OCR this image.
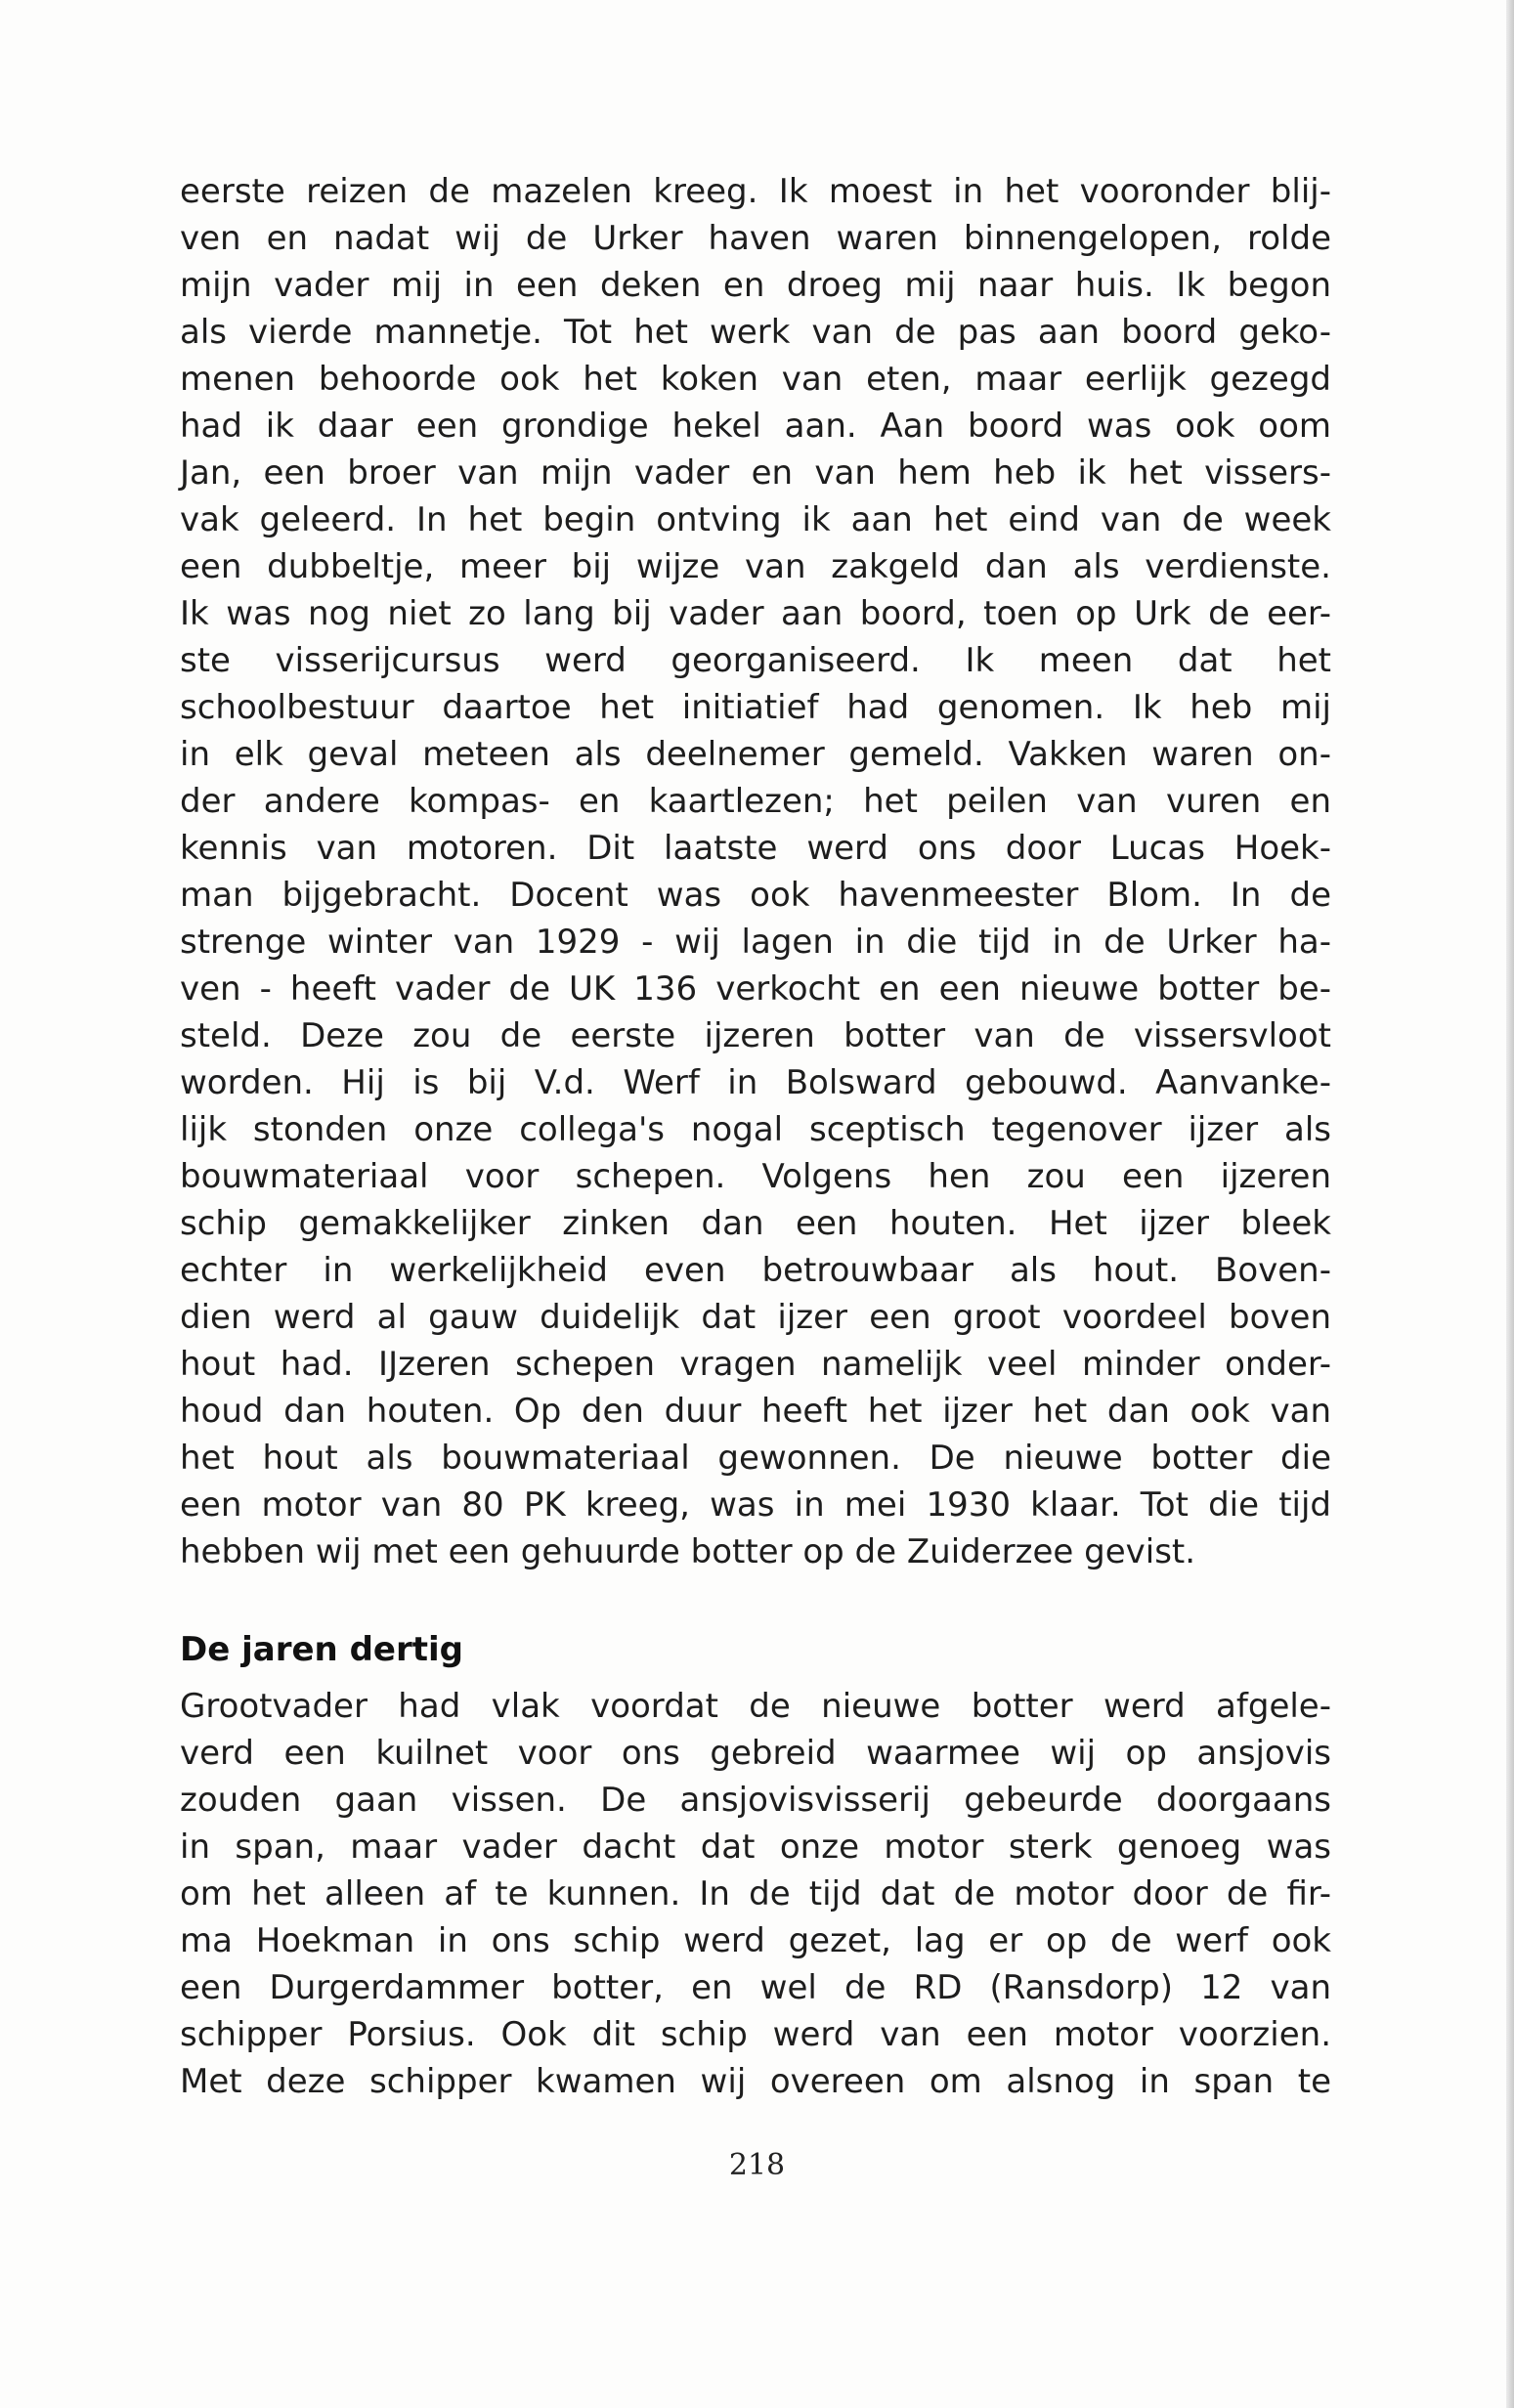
eerste reizen de mazelen kreeg. Ik moest in het vooronder blij-
ven en nadat wij de Urker haven waren binnengelopen, rolde
mijn vader mij in een deken en droeg mij naar huis. Ik begon
als vierde mannetje. Tot het werk van de pas aan boord geko-
menen behoorde ook het koken van eten, maar eerlijk gezegd
had ik daar een grondige hekel aan. Aan boord was ook oom
Jan, een broer van mijn vader en van hem heb ik het vissers-
vak geleerd. In het begin ontving ik aan het eind van de week
een dubbeltje, meer bij wijze van zakgeld dan als verdienste.
Ik was nog niet zo lang bij vader aan boord, toen op Urk de eer-
ste visserijcursus werd georganiseerd. Ik meen dat het
schoolbestuur daartoe het initiatief had genomen. Ik heb mij
in elk geval meteen als deelnemer gemeld. Vakken waren on-
der andere kompas- en kaartlezen; het peilen van vuren en
kennis van motoren. Dit laatste werd ons door Lucas Hoek-
man bijgebracht. Docent was ook havenmeester Blom. In de
strenge winter van 1929 - wij lagen in die tijd in de Urker ha-
ven - heeft vader de UK 136 verkocht en een nieuwe botter be-
steld. Deze zou de eerste ijzeren botter van de vissersvloot
worden. Hij is bij V.d. Werf in Bolsward gebouwd. Aanvanke-
lijk stonden onze collega's nogal sceptisch tegenover ijzer als
bouwmateriaal voor schepen. Volgens hen zou een ijzeren
schip gemakkelijker zinken dan een houten. Het ijzer bleek
echter in werkelijkheid even betrouwbaar als hout. Boven-
dien werd al gauw duidelijk dat ijzer een groot voordeel boven
hout had. IJzeren schepen vragen namelijk veel minder onder-
houd dan houten. Op den duur heeft het ijzer het dan ook van
het hout als bouwmateriaal gewonnen. De nieuwe botter die
een motor van 80 PK kreeg, was in mei 1930 klaar. Tot die tijd
hebben wij met een gehuurde botter op de Zuiderzee gevist.
De jaren dertig
Grootvader had vlak voordat de nieuwe botter werd afgele-
verd een kuilnet voor ons gebreid waarmee wij op ansjovis
zouden gaan vissen. De ansjovisvisserij gebeurde doorgaans
in span, maar vader dacht dat onze motor sterk genoeg was
om het alleen af te kunnen. In de tijd dat de motor door de fir-
ma Hoekman in ons schip werd gezet, lag er op de werf ook
een Durgerdammer botter, en wel de RD (Ransdorp) 12 van
schipper Porsius. Ook dit schip werd van een motor voorzien.
Met deze schipper kwamen wij overeen om alsnog in span te
218
